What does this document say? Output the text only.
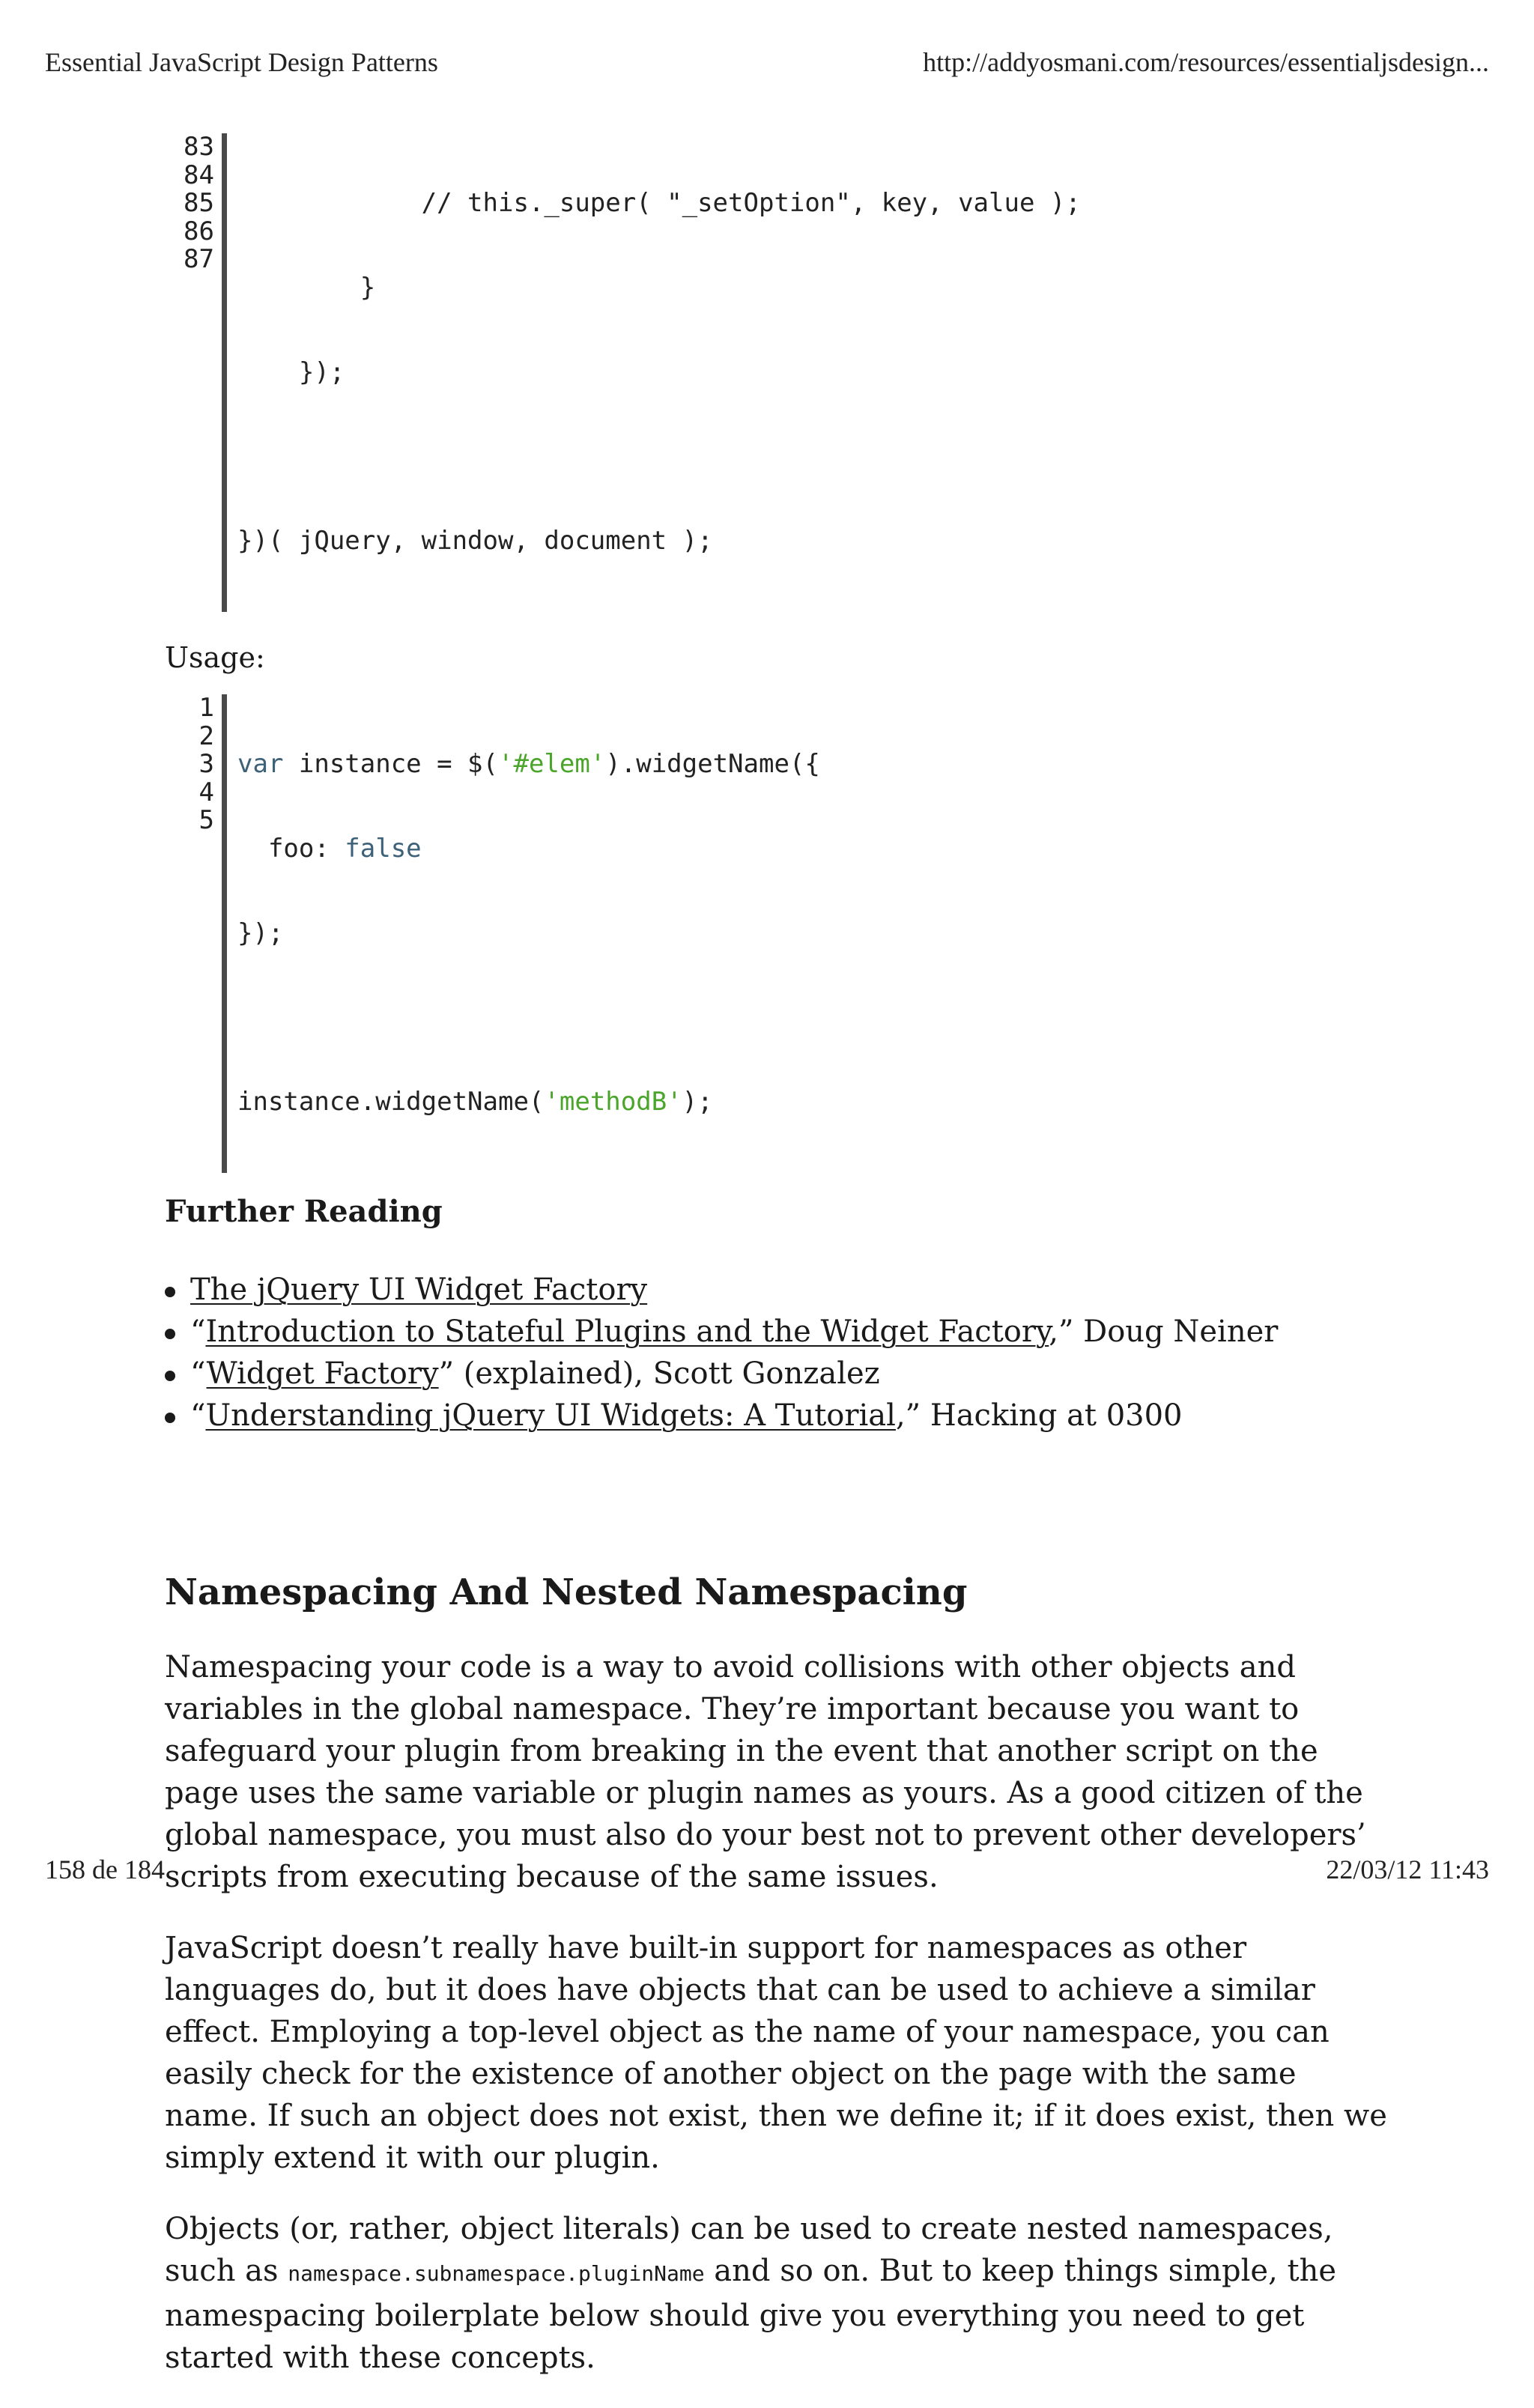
Essential JavaScript Design Patterns	http://addyosmani.com/resources/essentialjsdesign...
83
84
85
86
87

// this._super( "_setOption", key, value );

}

});

})( jQuery, window, document );

Usage:
1
2
3
4
5

var instance = $('#elem').widgetName({

foo: false

});

instance.widgetName('methodB');

Further Reading
The jQuery UI Widget Factory
“Introduction to Stateful Plugins and the Widget Factory,” Doug Neiner
“Widget Factory” (explained), Scott Gonzalez
“Understanding jQuery UI Widgets: A Tutorial,” Hacking at 0300
Namespacing And Nested Namespacing

Namespacing your code is a way to avoid collisions with other objects and variables in the global namespace. They’re important because you want to safeguard your plugin from breaking in the event that another script on the page uses the same variable or plugin names as yours. As a good citizen of the global namespace, you must also do your best not to prevent other developers’ scripts from executing because of the same issues.

JavaScript doesn’t really have built-in support for namespaces as other languages do, but it does have objects that can be used to achieve a similar effect. Employing a top-level object as the name of your namespace, you can easily check for the existence of another object on the page with the same name. If such an object does not exist, then we define it; if it does exist, then we simply extend it with our plugin.

Objects (or, rather, object literals) can be used to create nested namespaces, such as namespace.subnamespace.pluginName and so on. But to keep things simple, the namespacing boilerplate below should give you everything you need to get started with these concepts.

158 de 184	22/03/12 11:43
